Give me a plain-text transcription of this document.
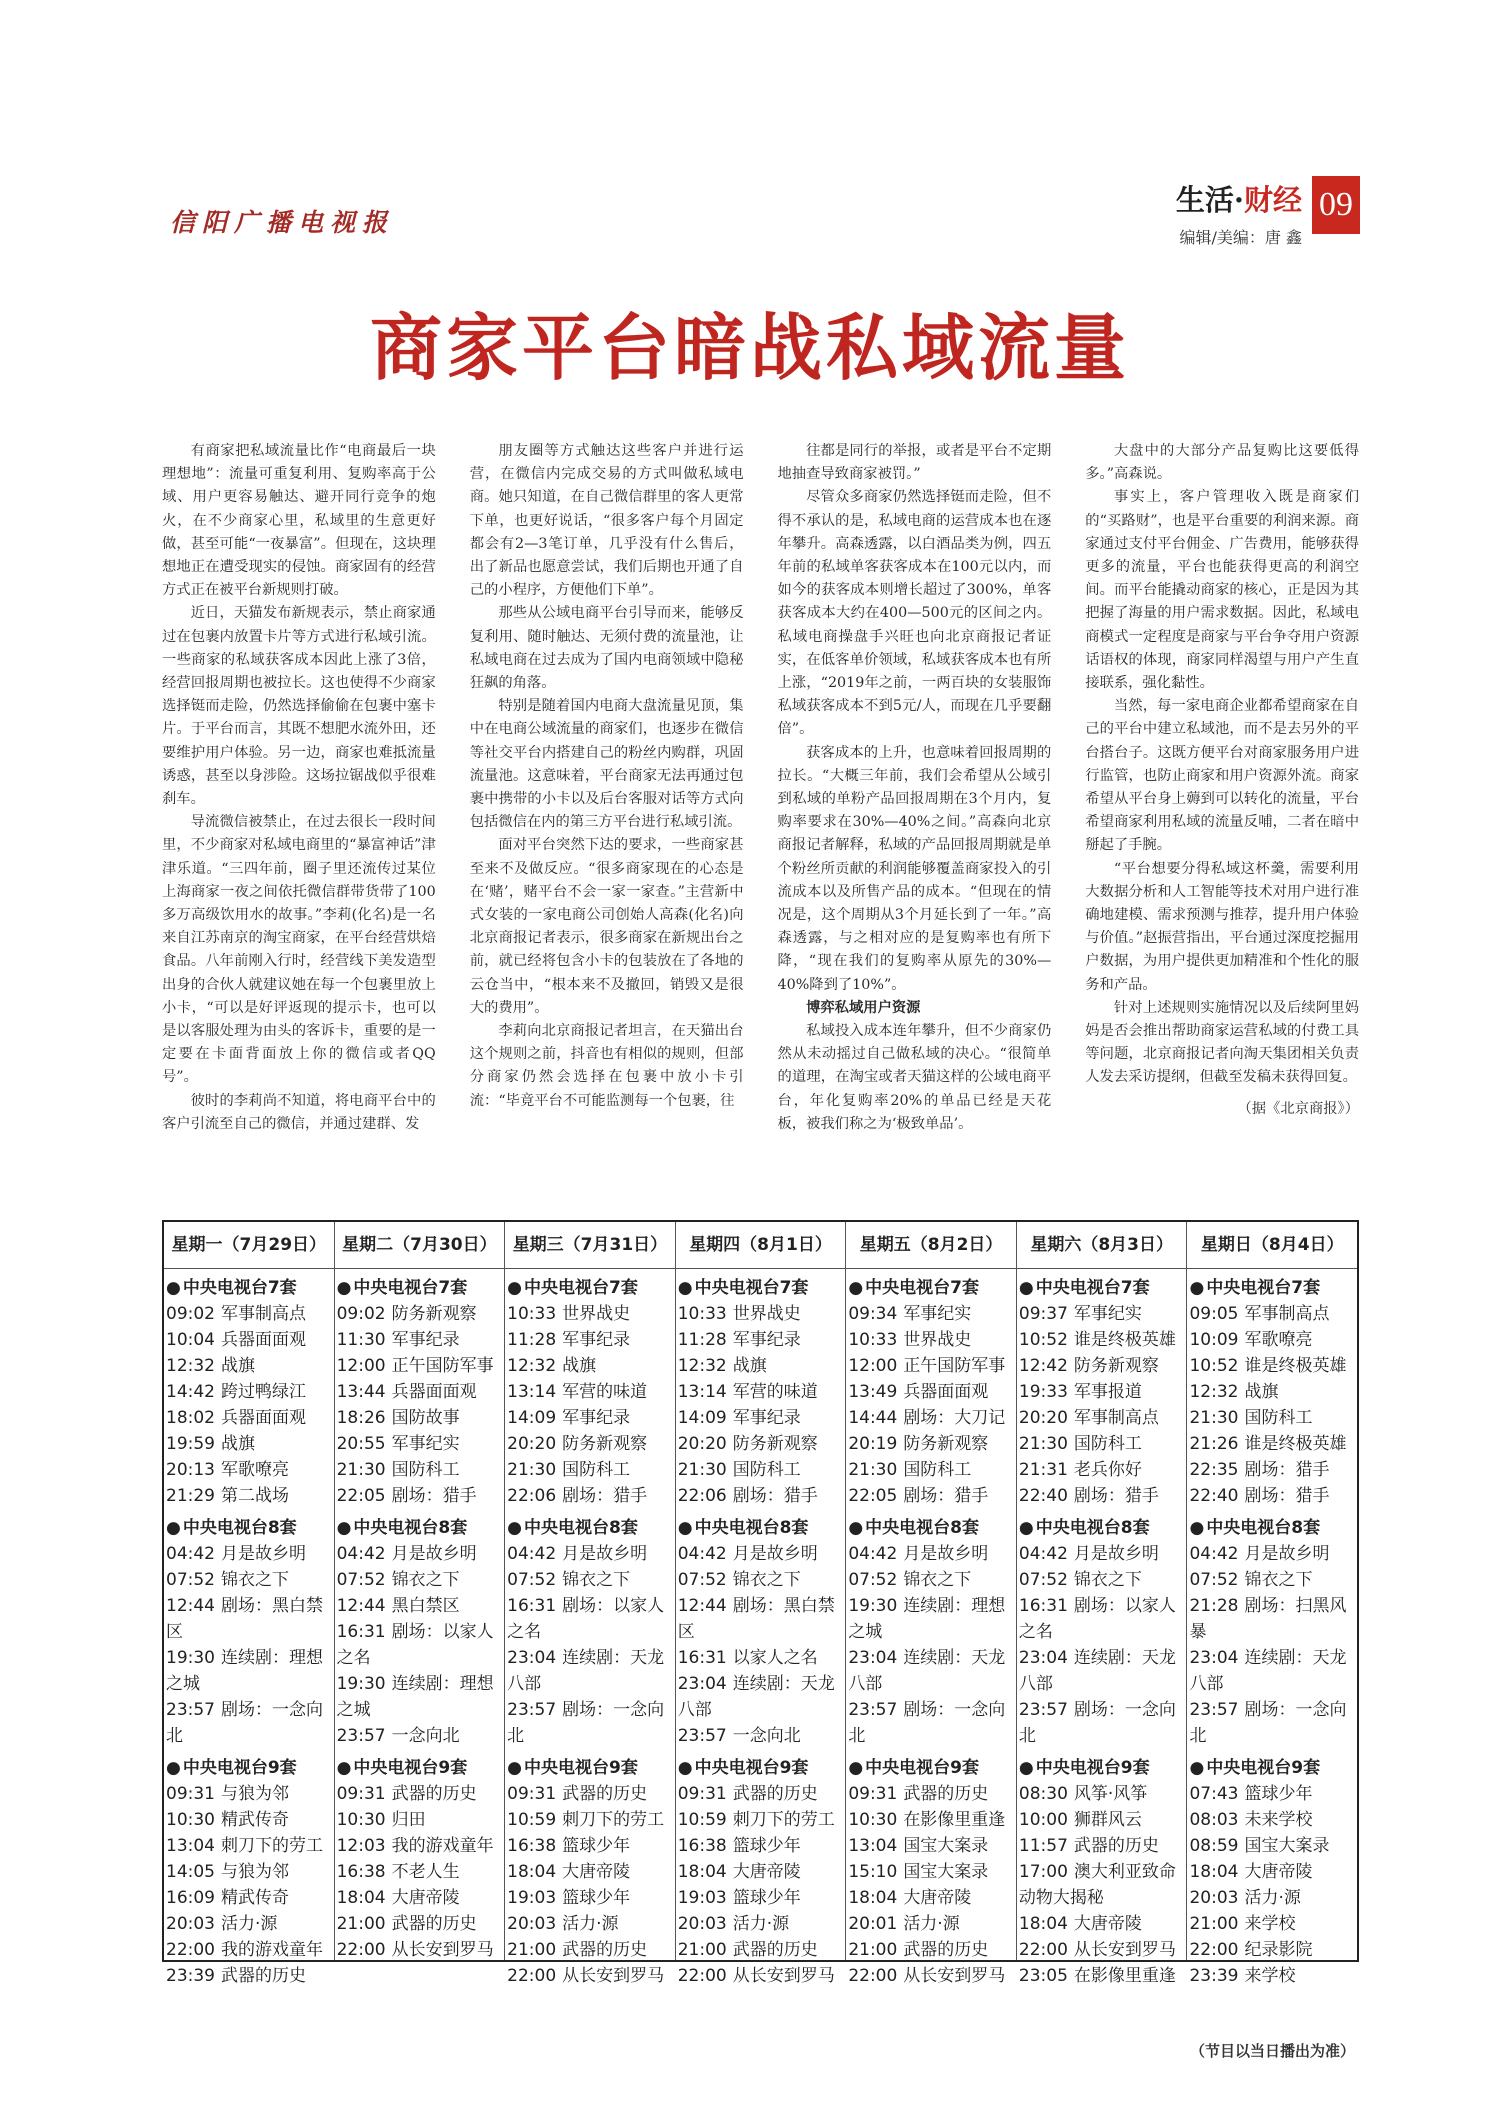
信阳广播电视报
生活·财经
编辑/美编：唐 鑫
09
商家平台暗战私域流量

有商家把私域流量比作“电商最后一块理想地”：流量可重复利用、复购率高于公域、用户更容易触达、避开同行竞争的炮火，在不少商家心里，私域里的生意更好做，甚至可能“一夜暴富”。但现在，这块理想地正在遭受现实的侵蚀。商家固有的经营方式正在被平台新规则打破。

近日，天猫发布新规表示，禁止商家通过在包裹内放置卡片等方式进行私域引流。一些商家的私域获客成本因此上涨了3倍，经营回报周期也被拉长。这也使得不少商家选择铤而走险，仍然选择偷偷在包裹中塞卡片。于平台而言，其既不想肥水流外田，还要维护用户体验。另一边，商家也难抵流量诱惑，甚至以身涉险。这场拉锯战似乎很难刹车。

导流微信被禁止，在过去很长一段时间里，不少商家对私域电商里的“暴富神话”津津乐道。“三四年前，圈子里还流传过某位上海商家一夜之间依托微信群带货带了100多万高级饮用水的故事。”李莉(化名)是一名来自江苏南京的淘宝商家，在平台经营烘焙食品。八年前刚入行时，经营线下美发造型出身的合伙人就建议她在每一个包裹里放上小卡，“可以是好评返现的提示卡，也可以是以客服处理为由头的客诉卡，重要的是一定要在卡面背面放上你的微信或者QQ号”。

彼时的李莉尚不知道，将电商平台中的客户引流至自己的微信，并通过建群、发

朋友圈等方式触达这些客户并进行运营，在微信内完成交易的方式叫做私域电商。她只知道，在自己微信群里的客人更常下单，也更好说话，“很多客户每个月固定都会有2—3笔订单，几乎没有什么售后，出了新品也愿意尝试，我们后期也开通了自己的小程序，方便他们下单”。

那些从公域电商平台引导而来，能够反复利用、随时触达、无须付费的流量池，让私域电商在过去成为了国内电商领域中隐秘狂飙的角落。

特别是随着国内电商大盘流量见顶，集中在电商公域流量的商家们，也逐步在微信等社交平台内搭建自己的粉丝内购群，巩固流量池。这意味着，平台商家无法再通过包裹中携带的小卡以及后台客服对话等方式向包括微信在内的第三方平台进行私域引流。

面对平台突然下达的要求，一些商家甚至来不及做反应。“很多商家现在的心态是在‘赌’，赌平台不会一家一家查。”主营新中式女装的一家电商公司创始人高森(化名)向北京商报记者表示，很多商家在新规出台之前，就已经将包含小卡的包装放在了各地的云仓当中，“根本来不及撤回，销毁又是很大的费用”。

李莉向北京商报记者坦言，在天猫出台这个规则之前，抖音也有相似的规则，但部分商家仍然会选择在包裹中放小卡引流：“毕竟平台不可能监测每一个包裹，往

往都是同行的举报，或者是平台不定期地抽查导致商家被罚。”

尽管众多商家仍然选择铤而走险，但不得不承认的是，私域电商的运营成本也在逐年攀升。高森透露，以白酒品类为例，四五年前的私域单客获客成本在100元以内，而如今的获客成本则增长超过了300%，单客获客成本大约在400—500元的区间之内。私域电商操盘手兴旺也向北京商报记者证实，在低客单价领域，私域获客成本也有所上涨，“2019年之前，一两百块的女装服饰私域获客成本不到5元/人，而现在几乎要翻倍”。

获客成本的上升，也意味着回报周期的拉长。“大概三年前，我们会希望从公域引到私域的单粉产品回报周期在3个月内，复购率要求在30%—40%之间。”高森向北京商报记者解释，私域的产品回报周期就是单个粉丝所贡献的利润能够覆盖商家投入的引流成本以及所售产品的成本。“但现在的情况是，这个周期从3个月延长到了一年。”高森透露，与之相对应的是复购率也有所下降，“现在我们的复购率从原先的30%—40%降到了10%”。

博弈私域用户资源

私域投入成本连年攀升，但不少商家仍然从未动摇过自己做私域的决心。“很简单的道理，在淘宝或者天猫这样的公域电商平台，年化复购率20%的单品已经是天花板，被我们称之为‘极致单品’。

大盘中的大部分产品复购比这要低得多。”高森说。

事实上，客户管理收入既是商家们的“买路财”，也是平台重要的利润来源。商家通过支付平台佣金、广告费用，能够获得更多的流量，平台也能获得更高的利润空间。而平台能撬动商家的核心，正是因为其把握了海量的用户需求数据。因此，私域电商模式一定程度是商家与平台争夺用户资源话语权的体现，商家同样渴望与用户产生直接联系，强化黏性。

当然，每一家电商企业都希望商家在自己的平台中建立私域池，而不是去另外的平台搭台子。这既方便平台对商家服务用户进行监管，也防止商家和用户资源外流。商家希望从平台身上薅到可以转化的流量，平台希望商家利用私域的流量反哺，二者在暗中掰起了手腕。

“平台想要分得私域这杯羹，需要利用大数据分析和人工智能等技术对用户进行准确地建模、需求预测与推荐，提升用户体验与价值。”赵振营指出，平台通过深度挖掘用户数据，为用户提供更加精准和个性化的服务和产品。

针对上述规则实施情况以及后续阿里妈妈是否会推出帮助商家运营私域的付费工具等问题，北京商报记者向淘天集团相关负责人发去采访提纲，但截至发稿未获得回复。

（据《北京商报》）

星期一（7月29日）
● 中央电视台7套
09:02 军事制高点
10:04 兵器面面观
12:32 战旗
14:42 跨过鸭绿江
18:02 兵器面面观
19:59 战旗
20:13 军歌嘹亮
21:29 第二战场
● 中央电视台8套
04:42 月是故乡明
07:52 锦衣之下
12:44 剧场：黑白禁区
19:30 连续剧：理想之城
23:57 剧场：一念向北
● 中央电视台9套
09:31 与狼为邻
10:30 精武传奇
13:04 刺刀下的劳工
14:05 与狼为邻
16:09 精武传奇
20:03 活力·源
22:00 我的游戏童年
23:39 武器的历史
星期二（7月30日）
● 中央电视台7套
09:02 防务新观察
11:30 军事纪录
12:00 正午国防军事
13:44 兵器面面观
18:26 国防故事
20:55 军事纪实
21:30 国防科工
22:05 剧场：猎手
● 中央电视台8套
04:42 月是故乡明
07:52 锦衣之下
12:44 黑白禁区
16:31 剧场：以家人之名
19:30 连续剧：理想之城
23:57 一念向北
● 中央电视台9套
09:31 武器的历史
10:30 归田
12:03 我的游戏童年
16:38 不老人生
18:04 大唐帝陵
21:00 武器的历史
22:00 从长安到罗马
星期三（7月31日）
● 中央电视台7套
10:33 世界战史
11:28 军事纪录
12:32 战旗
13:14 军营的味道
14:09 军事纪录
20:20 防务新观察
21:30 国防科工
22:06 剧场：猎手
● 中央电视台8套
04:42 月是故乡明
07:52 锦衣之下
16:31 剧场：以家人之名
23:04 连续剧：天龙八部
23:57 剧场：一念向北
● 中央电视台9套
09:31 武器的历史
10:59 刺刀下的劳工
16:38 篮球少年
18:04 大唐帝陵
19:03 篮球少年
20:03 活力·源
21:00 武器的历史
22:00 从长安到罗马
星期四（8月1日）
● 中央电视台7套
10:33 世界战史
11:28 军事纪录
12:32 战旗
13:14 军营的味道
14:09 军事纪录
20:20 防务新观察
21:30 国防科工
22:06 剧场：猎手
● 中央电视台8套
04:42 月是故乡明
07:52 锦衣之下
12:44 剧场：黑白禁区
16:31 以家人之名
23:04 连续剧：天龙八部
23:57 一念向北
● 中央电视台9套
09:31 武器的历史
10:59 刺刀下的劳工
16:38 篮球少年
18:04 大唐帝陵
19:03 篮球少年
20:03 活力·源
21:00 武器的历史
22:00 从长安到罗马
星期五（8月2日）
● 中央电视台7套
09:34 军事纪实
10:33 世界战史
12:00 正午国防军事
13:49 兵器面面观
14:44 剧场：大刀记
20:19 防务新观察
21:30 国防科工
22:05 剧场：猎手
● 中央电视台8套
04:42 月是故乡明
07:52 锦衣之下
19:30 连续剧：理想之城
23:04 连续剧：天龙八部
23:57 剧场：一念向北
● 中央电视台9套
09:31 武器的历史
10:30 在影像里重逢
13:04 国宝大案录
15:10 国宝大案录
18:04 大唐帝陵
20:01 活力·源
21:00 武器的历史
22:00 从长安到罗马
星期六（8月3日）
● 中央电视台7套
09:37 军事纪实
10:52 谁是终极英雄
12:42 防务新观察
19:33 军事报道
20:20 军事制高点
21:30 国防科工
21:31 老兵你好
22:40 剧场：猎手
● 中央电视台8套
04:42 月是故乡明
07:52 锦衣之下
16:31 剧场：以家人之名
23:04 连续剧：天龙八部
23:57 剧场：一念向北
● 中央电视台9套
08:30 风筝·风筝
10:00 狮群风云
11:57 武器的历史
17:00 澳大利亚致命动物大揭秘
18:04 大唐帝陵
22:00 从长安到罗马
23:05 在影像里重逢
星期日（8月4日）
● 中央电视台7套
09:05 军事制高点
10:09 军歌嘹亮
10:52 谁是终极英雄
12:32 战旗
21:30 国防科工
21:26 谁是终极英雄
22:35 剧场：猎手
22:40 剧场：猎手
● 中央电视台8套
04:42 月是故乡明
07:52 锦衣之下
21:28 剧场：扫黑风暴
23:04 连续剧：天龙八部
23:57 剧场：一念向北
● 中央电视台9套
07:43 篮球少年
08:03 未来学校
08:59 国宝大案录
18:04 大唐帝陵
20:03 活力·源
21:00 来学校
22:00 纪录影院
23:39 来学校
（节目以当日播出为准）
